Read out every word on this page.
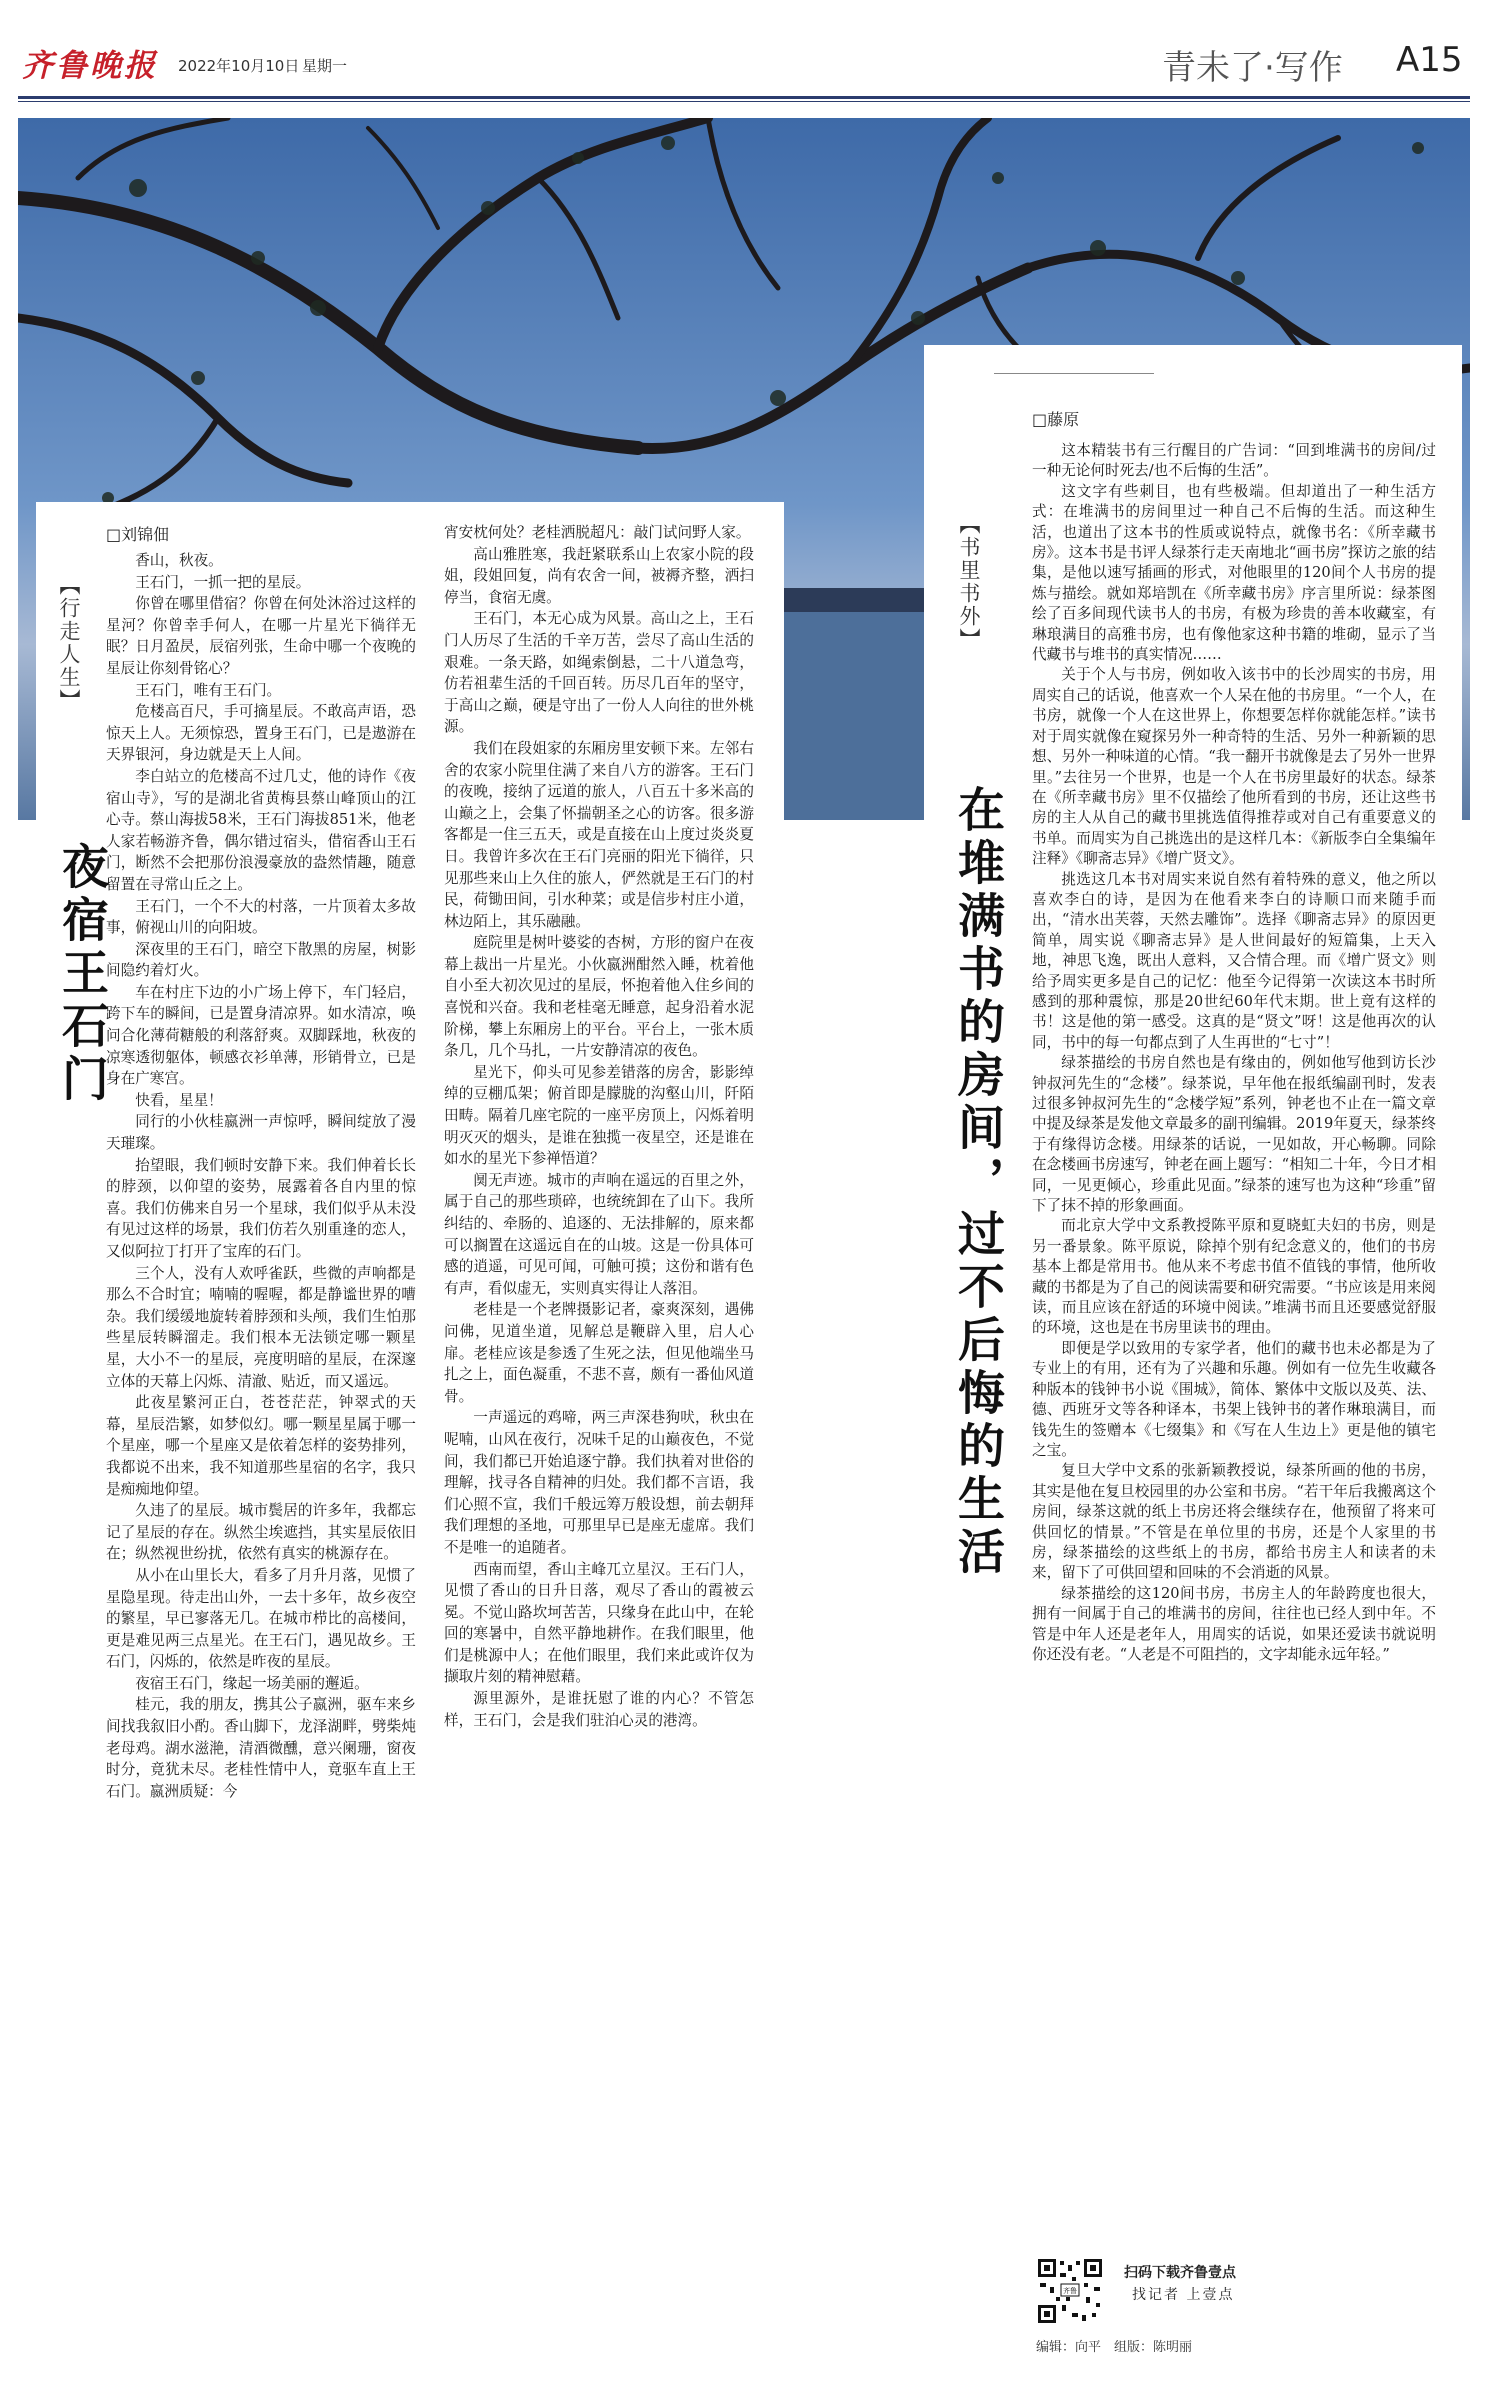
齐鲁晚报 2022年10月10日 星期一	青未了·写作 A15
【行走人生】
夜宿王石门
□刘锦佃

香山，秋夜。

王石门，一抓一把的星辰。

你曾在哪里借宿？你曾在何处沐浴过这样的星河？你曾幸手何人，在哪一片星光下徜徉无眠？日月盈昃，辰宿列张，生命中哪一个夜晚的星辰让你刻骨铭心？

王石门，唯有王石门。

危楼高百尺，手可摘星辰。不敢高声语，恐惊天上人。无须惊恐，置身王石门，已是遨游在天界银河，身边就是天上人间。

李白站立的危楼高不过几丈，他的诗作《夜宿山寺》，写的是湖北省黄梅县蔡山峰顶山的江心寺。蔡山海拔58米，王石门海拔851米，他老人家若畅游齐鲁，偶尔错过宿头，借宿香山王石门，断然不会把那份浪漫豪放的盎然情趣，随意留置在寻常山丘之上。

王石门，一个不大的村落，一片顶着太多故事，俯视山川的向阳坡。

深夜里的王石门，暗空下散黑的房屋，树影间隐约着灯火。

车在村庄下边的小广场上停下，车门轻启，跨下车的瞬间，已是置身清凉界。如水清凉，唤问合化薄荷糖般的利落舒爽。双脚踩地，秋夜的凉寒透彻躯体，顿感衣衫单薄，形销骨立，已是身在广寒宫。

快看，星星！

同行的小伙桂嬴洲一声惊呼，瞬间绽放了漫天璀璨。

抬望眼，我们顿时安静下来。我们伸着长长的脖颈，以仰望的姿势，展露着各自内里的惊喜。我们仿佛来自另一个星球，我们似乎从未没有见过这样的场景，我们仿若久别重逢的恋人，又似阿拉丁打开了宝库的石门。

三个人，没有人欢呼雀跃，些微的声响都是那么不合时宜；喃喃的喔喔，都是静谧世界的嘈杂。我们缓缓地旋转着脖颈和头颅，我们生怕那些星辰转瞬溜走。我们根本无法锁定哪一颗星星，大小不一的星辰，亮度明暗的星辰，在深邃立体的天幕上闪烁、清澈、贴近，而又遥远。

此夜星繁河正白，苍苍茫茫，钟翠式的天幕，星辰浩繁，如梦似幻。哪一颗星星属于哪一个星座，哪一个星座又是依着怎样的姿势排列，我都说不出来，我不知道那些星宿的名字，我只是痴痴地仰望。

久违了的星辰。城市鬓居的许多年，我都忘记了星辰的存在。纵然尘埃遮挡，其实星辰依旧在；纵然视世纷扰，依然有真实的桃源存在。

从小在山里长大，看多了月升月落，见惯了星隐星现。待走出山外，一去十多年，故乡夜空的繁星，早已寥落无几。在城市栉比的高楼间，更是难见两三点星光。在王石门，遇见故乡。王石门，闪烁的，依然是昨夜的星辰。

夜宿王石门，缘起一场美丽的邂逅。

桂元，我的朋友，携其公子嬴洲，驱车来乡间找我叙旧小酌。香山脚下，龙泽湖畔，劈柴炖老母鸡。湖水滋滟，清酒微醺，意兴阑珊，窗夜时分，竟犹未尽。老桂性情中人，竟驱车直上王石门。嬴洲质疑：今

宵安枕何处？老桂洒脱超凡：敲门试问野人家。

高山雅胜寒，我赶紧联系山上农家小院的段姐，段姐回复，尚有农舍一间，被褥齐整，洒扫停当，食宿无虞。

王石门，本无心成为风景。高山之上，王石门人历尽了生活的千辛万苦，尝尽了高山生活的艰难。一条天路，如绳索倒悬，二十八道急弯，仿若祖辈生活的千回百转。历尽几百年的坚守，于高山之巅，硬是守出了一份人人向往的世外桃源。

我们在段姐家的东厢房里安顿下来。左邻右舍的农家小院里住满了来自八方的游客。王石门的夜晚，接纳了远道的旅人，八百五十多米高的山巅之上，会集了怀揣朝圣之心的访客。很多游客都是一住三五天，或是直接在山上度过炎炎夏日。我曾许多次在王石门亮丽的阳光下徜徉，只见那些来山上久住的旅人，俨然就是王石门的村民，荷锄田间，引水种菜；或是信步村庄小道，林边陌上，其乐融融。

庭院里是树叶婆娑的杏树，方形的窗户在夜幕上裁出一片星光。小伙嬴洲酣然入睡，枕着他自小至大初次见过的星辰，怀抱着他入住乡间的喜悦和兴奋。我和老桂毫无睡意，起身沿着水泥阶梯，攀上东厢房上的平台。平台上，一张木质条几，几个马扎，一片安静清凉的夜色。

星光下，仰头可见参差错落的房舍，影影绰绰的豆棚瓜架；俯首即是朦胧的沟壑山川，阡陌田畴。隔着几座宅院的一座平房顶上，闪烁着明明灭灭的烟头，是谁在独揽一夜星空，还是谁在如水的星光下参禅悟道？

阒无声迹。城市的声响在遥远的百里之外，属于自己的那些琐碎，也统统卸在了山下。我所纠结的、牵肠的、追逐的、无法排解的，原来都可以搁置在这遥远自在的山坡。这是一份具体可感的逍遥，可见可闻，可触可摸；这份和谐有色有声，看似虚无，实则真实得让人落泪。

老桂是一个老牌摄影记者，豪爽深刻，遇佛问佛，见道坐道，见解总是鞭辟入里，启人心扉。老桂应该是参透了生死之法，但见他端坐马扎之上，面色凝重，不悲不喜，颇有一番仙风道骨。

一声遥远的鸡啼，两三声深巷狗吠，秋虫在呢喃，山风在夜行，况味千足的山巅夜色，不觉间，我们都已开始追逐宁静。我们执着对世俗的理解，找寻各自精神的归处。我们都不言语，我们心照不宣，我们千般远筹万般设想，前去朝拜我们理想的圣地，可那里早已是座无虚席。我们不是唯一的追随者。

西南而望，香山主峰兀立星汉。王石门人，见惯了香山的日升日落，观尽了香山的霞被云冕。不觉山路坎坷苦苦，只缘身在此山中，在轮回的寒暑中，自然平静地耕作。在我们眼里，他们是桃源中人；在他们眼里，我们来此或许仅为撷取片刻的精神慰藉。

源里源外，是谁抚慰了谁的内心？不管怎样，王石门，会是我们驻泊心灵的港湾。

【书里书外】
在堆满书的房间，过不后悔的生活
□藤原

这本精装书有三行醒目的广告词：“回到堆满书的房间/过一种无论何时死去/也不后悔的生活”。

这文字有些刺目，也有些极端。但却道出了一种生活方式：在堆满书的房间里过一种自己不后悔的生活。而这种生活，也道出了这本书的性质或说特点，就像书名：《所幸藏书房》。这本书是书评人绿茶行走天南地北“画书房”探访之旅的结集，是他以速写插画的形式，对他眼里的120间个人书房的提炼与描绘。就如郑培凯在《所幸藏书房》序言里所说：绿茶图绘了百多间现代读书人的书房，有极为珍贵的善本收藏室，有琳琅满目的高雅书房，也有像他家这种书籍的堆砌，显示了当代藏书与堆书的真实情况……

关于个人与书房，例如收入该书中的长沙周实的书房，用周实自己的话说，他喜欢一个人呆在他的书房里。“一个人，在书房，就像一个人在这世界上，你想要怎样你就能怎样。”读书对于周实就像在窥探另外一种奇特的生活、另外一种新颖的思想、另外一种味道的心情。“我一翻开书就像是去了另外一世界里。”去往另一个世界，也是一个人在书房里最好的状态。绿茶在《所幸藏书房》里不仅描绘了他所看到的书房，还让这些书房的主人从自己的藏书里挑选值得推荐或对自己有重要意义的书单。而周实为自己挑选出的是这样几本：《新版李白全集编年注释》《聊斋志异》《增广贤文》。

挑选这几本书对周实来说自然有着特殊的意义，他之所以喜欢李白的诗，是因为在他看来李白的诗顺口而来随手而出，“清水出芙蓉，天然去雕饰”。选择《聊斋志异》的原因更简单，周实说《聊斋志异》是人世间最好的短篇集，上天入地，神思飞逸，既出人意料，又合情合理。而《增广贤文》则给予周实更多是自己的记忆：他至今记得第一次读这本书时所感到的那种震惊，那是20世纪60年代末期。世上竟有这样的书！这是他的第一感受。这真的是“贤文”呀！这是他再次的认同，书中的每一句都点到了人生再世的“七寸”！

绿茶描绘的书房自然也是有缘由的，例如他写他到访长沙钟叔河先生的“念楼”。绿茶说，早年他在报纸编副刊时，发表过很多钟叔河先生的“念楼学短”系列，钟老也不止在一篇文章中提及绿茶是发他文章最多的副刊编辑。2019年夏天，绿茶终于有缘得访念楼。用绿茶的话说，一见如故，开心畅聊。同除在念楼画书房速写，钟老在画上题写：“相知二十年，今日才相同，一见更倾心，珍重此见面。”绿茶的速写也为这种“珍重”留下了抹不掉的形象画面。

而北京大学中文系教授陈平原和夏晓虹夫妇的书房，则是另一番景象。陈平原说，除掉个别有纪念意义的，他们的书房基本上都是常用书。他从来不考虑书值不值钱的事情，他所收藏的书都是为了自己的阅读需要和研究需要。“书应该是用来阅读，而且应该在舒适的环境中阅读。”堆满书而且还要感觉舒服的环境，这也是在书房里读书的理由。

即便是学以致用的专家学者，他们的藏书也未必都是为了专业上的有用，还有为了兴趣和乐趣。例如有一位先生收藏各种版本的钱钟书小说《围城》，简体、繁体中文版以及英、法、德、西班牙文等各种译本，书架上钱钟书的著作琳琅满目，而钱先生的签赠本《七缀集》和《写在人生边上》更是他的镇宅之宝。

复旦大学中文系的张新颖教授说，绿茶所画的他的书房，其实是他在复旦校园里的办公室和书房。“若干年后我搬离这个房间，绿茶这就的纸上书房还将会继续存在，他预留了将来可供回忆的情景。”不管是在单位里的书房，还是个人家里的书房，绿茶描绘的这些纸上的书房，都给书房主人和读者的未来，留下了可供回望和回味的不会消逝的风景。

绿茶描绘的这120间书房，书房主人的年龄跨度也很大，拥有一间属于自己的堆满书的房间，往往也已经人到中年。不管是中年人还是老年人，用周实的话说，如果还爱读书就说明你还没有老。“人老是不可阻挡的，文字却能永远年轻。”

齐鲁
扫码下载齐鲁壹点
找记者 上壹点
编辑：向平　组版：陈明丽
